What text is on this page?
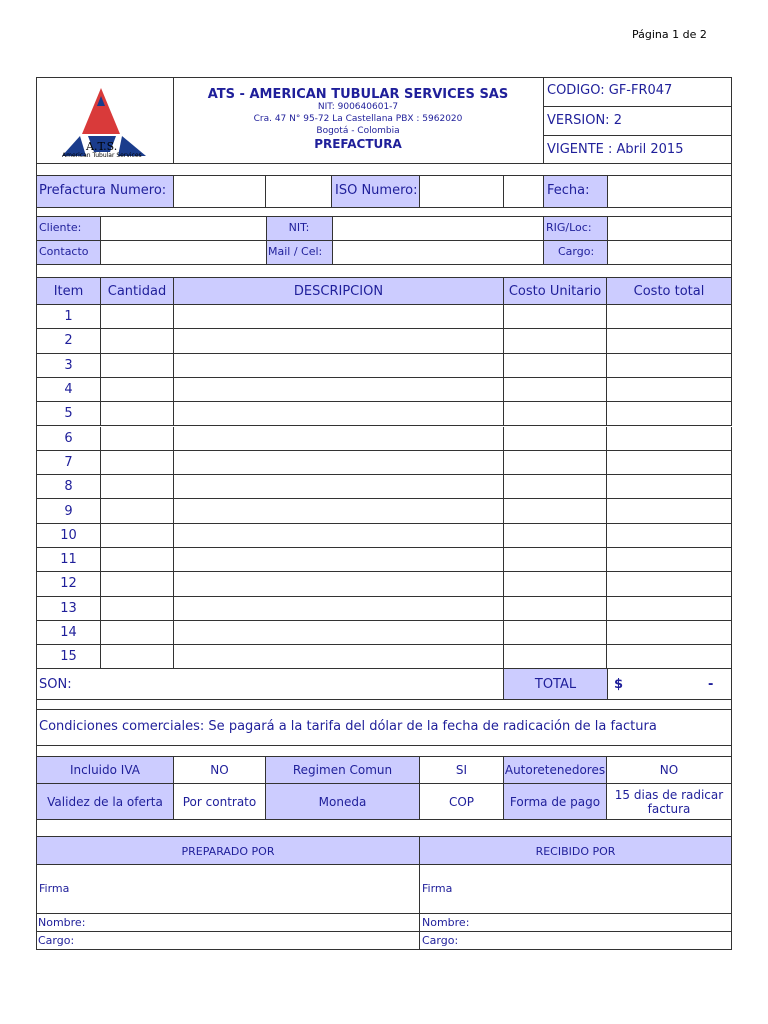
Página 1 de 2
A.T.S.
American Tubular Services
ATS - AMERICAN TUBULAR SERVICES SAS
NIT: 900640601-7
Cra. 47 N° 95-72 La Castellana PBX : 5962020
Bogotá - Colombia
PREFACTURA
CODIGO: GF-FR047
VERSION: 2
VIGENTE : Abril 2015
Prefactura Numero:	ISO Numero:	Fecha:
Cliente:	NIT:	RIG/Loc:
Contacto	Mail / Cel:	Cargo:
Item	Cantidad	DESCRIPCION	Costo Unitario	Costo total
1
2
3
4
5
6
7
8
9
10
11
12
13
14
15
SON:	TOTAL	$	-
Condiciones comerciales: Se pagará a la tarifa del dólar de la fecha de radicación de la factura
Incluido IVA	NO	Regimen Comun	SI	Autoretenedores	NO
Validez de la oferta	Por contrato	Moneda	COP	Forma de pago	15 dias de radicar
factura
PREPARADO POR	RECIBIDO POR
Firma	Firma
Nombre:	Nombre:
Cargo:	Cargo:
